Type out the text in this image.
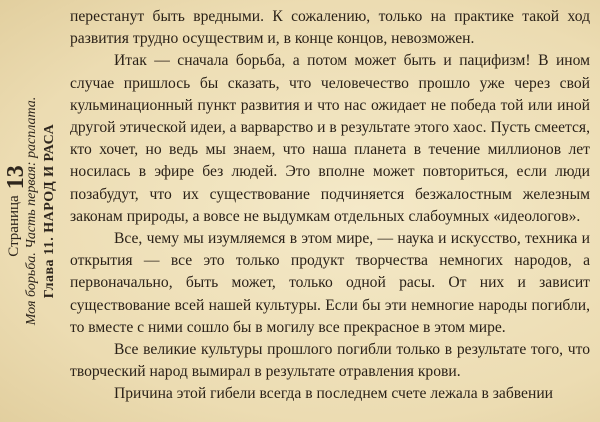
Страница
13
Моя борьба.

Часть первая: расплата.
Глава 11.

НАРОД И РАСА

перестанут быть вредными. К сожалению, только на практике такой ход развития трудно осуществим и, в конце концов, невозможен.

Итак — сначала борьба, а потом может быть и пацифизм! В ином случае пришлось бы сказать, что человечество прошло уже через свой кульминационный пункт развития и что нас ожидает не победа той или иной другой этической идеи, а варварство и в результате этого хаос. Пусть смеется, кто хочет, но ведь мы знаем, что наша планета в течение миллионов лет носилась в эфире без людей. Это вполне может повториться, если люди позабудут, что их существование подчиняется безжалостным железным законам природы, а вовсе не выдумкам отдельных слабоумных «идеологов».

Все, чему мы изумляемся в этом мире, — наука и искусство, техника и открытия — все это только продукт творчества немногих народов, а первоначально, быть может, только одной расы. От них и зависит существование всей нашей культуры. Если бы эти немногие народы погибли, то вместе с ними сошло бы в могилу все прекрасное в этом мире.

Все великие культуры прошлого погибли только в результате того, что творческий народ вымирал в результате отравления крови.

Причина этой гибели всегда в последнем счете лежала в забвении
